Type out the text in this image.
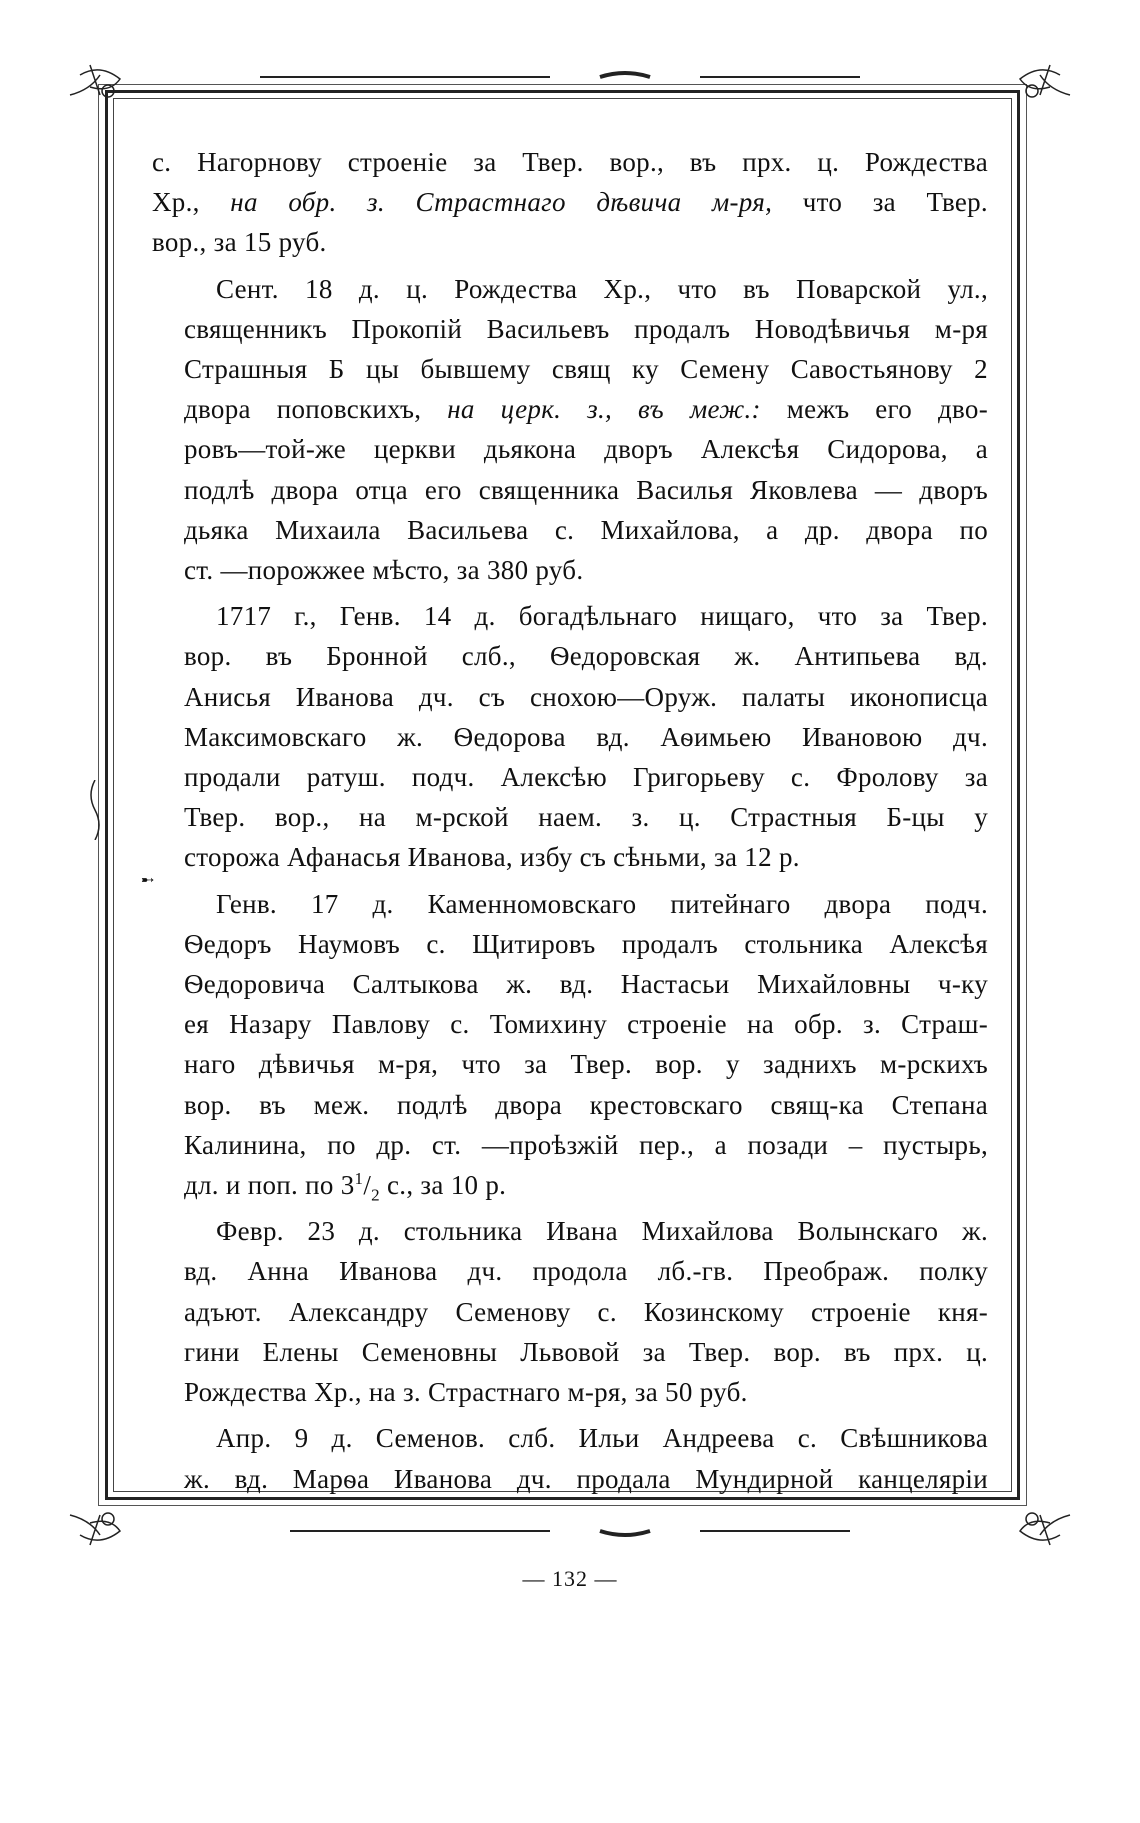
➸

с. Нагорнову строеніе за Твер. вор., въ прх. ц. Рождества
Хр., на обр. з. Страстнаго дѣвича м-ря, что за Твер.
вор., за 15 руб.

Сент. 18 д. ц. Рождества Хр., что въ Поварской ул.,
священникъ Прокопій Васильевъ продалъ Новодѣвичья м-ря
Страшныя Б цы бывшему свящ ку Семену Савостьянову 2
двора поповскихъ, на церк. з., въ меж.: межъ его дво-
ровъ—той-же церкви дьякона дворъ Алексѣя Сидорова, а
подлѣ двора отца его священника Василья Яковлева — дворъ
дьяка Михаила Васильева с. Михайлова, а др. двора по
ст. —порожжее мѣсто, за 380 руб.

1717 г., Генв. 14 д. богадѣльнаго нищаго, что за Твер.
вор. въ Бронной слб., Ѳедоровская ж. Антипьева вд.
Анисья Иванова дч. съ снохою—Оруж. палаты иконописца
Максимовскаго ж. Ѳедорова вд. Аѳимьею Ивановою дч.
продали ратуш. подч. Алексѣю Григорьеву с. Фролову за
Твер. вор., на м-рской наем. з. ц. Страстныя Б-цы у
сторожа Афанасья Иванова, избу съ сѣньми, за 12 р.

Генв. 17 д. Каменномовскаго питейнаго двора подч.
Ѳедоръ Наумовъ с. Щитировъ продалъ стольника Алексѣя
Ѳедоровича Салтыкова ж. вд. Настасьи Михайловны ч-ку
ея Назару Павлову с. Томихину строеніе на обр. з. Страш-
наго дѣвичья м-ря, что за Твер. вор. у заднихъ м-рскихъ
вор. въ меж. подлѣ двора крестовскаго свящ-ка Степана
Калинина, по др. ст. —проѣзжій пер., а позади – пустырь,
дл. и поп. по $3^1/_2$ с., за 10 р.

Февр. 23 д. стольника Ивана Михайлова Волынскаго ж.
вд. Анна Иванова дч. продола лб.-гв. Преображ. полку
адъют. Александру Семенову с. Козинскому строеніе кня-
гини Елены Семеновны Львовой за Твер. вор. въ прх. ц.
Рождества Хр., на з. Страстнаго м-ря, за 50 руб.

Апр. 9 д. Семенов. слб. Ильи Андреева с. Свѣшникова
ж. вд. Марѳа Иванова дч. продала Мундирной канцеляріи

— 132 —
